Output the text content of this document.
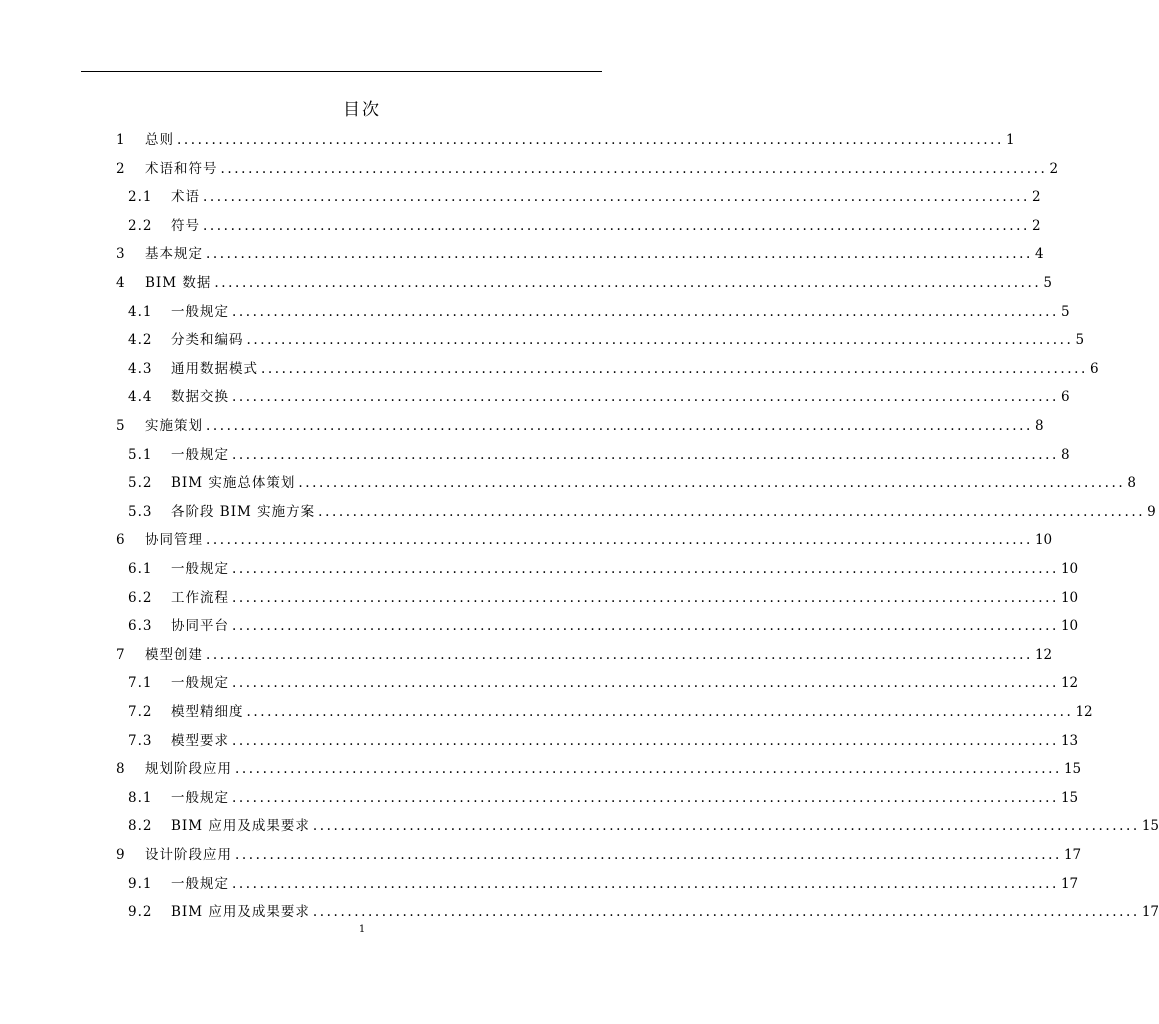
目次
1	总则 ........................................................................................................................ 1
2	术语和符号 ........................................................................................................................ 2
2.1	术语 ........................................................................................................................ 2
2.2	符号 ........................................................................................................................ 2
3	基本规定 ........................................................................................................................ 4
4	BIM 数据 ........................................................................................................................ 5
4.1	一般规定 ........................................................................................................................ 5
4.2	分类和编码 ........................................................................................................................ 5
4.3	通用数据模式 ........................................................................................................................ 6
4.4	数据交换 ........................................................................................................................ 6
5	实施策划 ........................................................................................................................ 8
5.1	一般规定 ........................................................................................................................ 8
5.2	BIM 实施总体策划 ........................................................................................................................ 8
5.3	各阶段 BIM 实施方案 ........................................................................................................................ 9
6	协同管理 ........................................................................................................................ 10
6.1	一般规定 ........................................................................................................................ 10
6.2	工作流程 ........................................................................................................................ 10
6.3	协同平台 ........................................................................................................................ 10
7	模型创建 ........................................................................................................................ 12
7.1	一般规定 ........................................................................................................................ 12
7.2	模型精细度 ........................................................................................................................ 12
7.3	模型要求 ........................................................................................................................ 13
8	规划阶段应用 ........................................................................................................................ 15
8.1	一般规定 ........................................................................................................................ 15
8.2	BIM 应用及成果要求 ........................................................................................................................ 15
9	设计阶段应用 ........................................................................................................................ 17
9.1	一般规定 ........................................................................................................................ 17
9.2	BIM 应用及成果要求 ........................................................................................................................ 17
1
